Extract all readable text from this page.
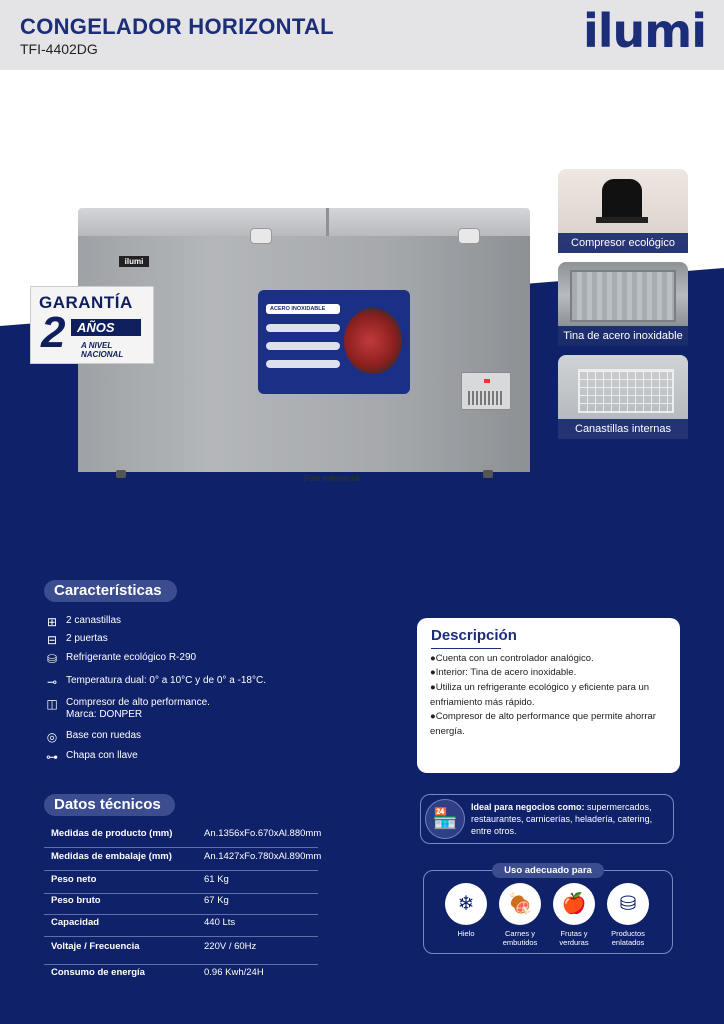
CONGELADOR HORIZONTAL
TFI-4402DG	ilumi
ilumi
ACERO INOXIDABLE
Foto referencial
GARANTÍA
2 AÑOS
A NIVEL
NACIONAL
Compresor ecológico
Tina de acero inoxidable
Canastillas internas
Características
⊞ 2 canastillas
⊟ 2 puertas
⛁ Refrigerante ecológico R-290
⊸ Temperatura dual: 0° a 10°C y de 0° a -18°C.
◫ Compresor de alto performance.
Marca: DONPER
◎ Base con ruedas
⊶ Chapa con llave
Descripción
●Cuenta con un controlador analógico.
●Interior: Tina de acero inoxidable.
●Utiliza un refrigerante ecológico y eficiente para un enfriamiento más rápido.
●Compresor de alto performance que permite ahorrar energía.
Datos técnicos
Medidas de producto (mm)	An.1356xFo.670xAl.880mm
Medidas de embalaje (mm)	An.1427xFo.780xAl.890mm
Peso neto	61 Kg
Peso bruto	67 Kg
Capacidad	440 Lts
Voltaje / Frecuencia	220V / 60Hz
Consumo de energía	0.96 Kwh/24H
🏪
Ideal para negocios como: supermercados, restaurantes, carnicerías, heladería, catering, entre otros.
Uso adecuado para
❄
Hielo
🍖
Carnes y embutidos
🍎
Frutas y verduras
⛁
Productos enlatados
